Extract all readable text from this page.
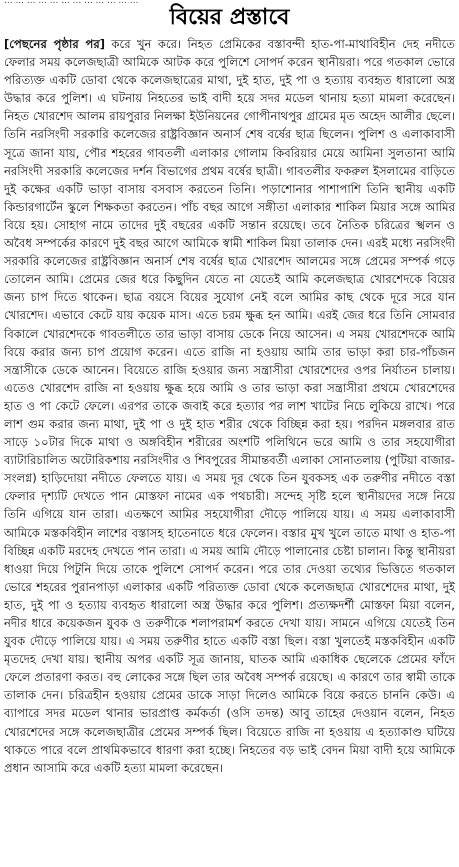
... ... ... ... ... ... ... ... ... ... ... ...
বিয়ের প্রস্তাবে

[পেছনের পৃষ্ঠার পর] করে খুন করে। নিহত প্রেমিকের বস্তাবন্দী হাত-পা-মাথাবিহীন দেহ নদীতে ফেলার সময় কলেজছাত্রী আমিকে আটক করে পুলিশে সোপর্দ করেন স্থানীয়রা। পরে গতকাল ভোরে পরিত্যক্ত একটি ডোবা থেকে কলেজছাত্রের মাথা, দুই হাত, দুই পা ও হত্যায় ব্যবহৃত ধারালো অস্ত্র উদ্ধার করে পুলিশ। এ ঘটনায় নিহতের ভাই বাদী হয়ে সদর মডেল থানায় হত্যা মামলা করেছেন। নিহত খোরশেদ আলম রায়পুরার নিলক্ষা ইউনিয়নের গোপীনাথপুর গ্রামের মৃত অহেদ আলীর ছেলে। তিনি নরসিংদী সরকারি কলেজের রাষ্ট্রবিজ্ঞান অনার্স শেষ বর্ষের ছাত্র ছিলেন। পুলিশ ও এলাকাবাসী সূত্রে জানা যায়, পৌর শহরের গাবতলী এলাকার গোলাম কিবরিয়ার মেয়ে আমিনা সুলতানা আমি নরসিংদী সরকারি কলেজের দর্শন বিভাগের প্রথম বর্ষের ছাত্রী। গাবতলীর ফকরুল ইসলামের বাড়িতে দুই কক্ষের একটি ভাড়া বাসায় বসবাস করতেন তিনি। পড়াশোনার পাশাপাশি তিনি স্থানীয় একটি কিন্ডারগার্টেন স্কুলে শিক্ষকতা করতেন। পাঁচ বছর আগে সঙ্গীতা এলাকার শাকিল মিয়ার সঙ্গে আমির বিয়ে হয়। সোহাগ নামে তাদের দুই বছরের একটি সন্তান রয়েছে। তবে নৈতিক চরিত্রের স্খলন ও অবৈধ সম্পর্কের কারণে দুই বছর আগে আমিকে স্বামী শাকিল মিয়া তালাক দেন। এরই মধ্যে নরসিংদী সরকারি কলেজের রাষ্ট্রবিজ্ঞান অনার্স শেষ বর্ষের ছাত্র খোরশেদ আলমের সঙ্গে প্রেমের সম্পর্ক গড়ে তোলেন আমি। প্রেমের জের ধরে কিছুদিন যেতে না যেতেই আমি কলেজছাত্র খোরশেদকে বিয়ের জন্য চাপ দিতে থাকেন। ছাত্র বয়সে বিয়ের সুযোগ নেই বলে আমির কাছ থেকে দূরে সরে যান খোরশেদ। এভাবে কেটে যায় কয়েক মাস। এতে চরম ক্ষুব্ধ হন আমি। এরই জের ধরে তিনি সোমবার বিকালে খোরশেদকে গাবতলীতে তার ভাড়া বাসায় ডেকে নিয়ে আসেন। এ সময় খোরশেদকে আমি বিয়ে করার জন্য চাপ প্রয়োগ করেন। এতে রাজি না হওয়ায় আমি তার ভাড়া করা চার-পাঁচজন সন্ত্রাসীকে ডেকে আনেন। বিয়েতে রাজি হওয়ার জন্য সন্ত্রাসীরা খোরশেদের ওপর নির্যাতন চালায়। এতেও খোরশেদ রাজি না হওয়ায় ক্ষুব্ধ হয়ে আমি ও তার ভাড়া করা সন্ত্রাসীরা প্রথমে খোরশেদের হাত ও পা কেটে ফেলে। এরপর তাকে জবাই করে হত্যার পর লাশ খাটের নিচে লুকিয়ে রাখে। পরে লাশ গুম করার জন্য মাথা, দুই পা ও দুই হাত শরীর থেকে বিচ্ছিন্ন করা হয়। পরদিন মঙ্গলবার রাত সাড়ে ১০টার দিকে মাথা ও অঙ্গবিহীন শরীরের অংশটি পলিথিনে ভরে আমি ও তার সহযোগীরা ব্যাটারিচালিত অটোরিকশায় নরসিংদীর ও শিবপুরের সীমান্তবর্তী এলাকা সোনাতলায় (পুটিয়া বাজার-সংলগ্ন) হাড়িদোয়া নদীতে ফেলতে যায়। এ সময় দূর থেকে তিন যুবকসহ এক তরুণীর নদীতে বস্তা ফেলার দৃশ্যটি দেখতে পান মোস্তফা নামের এক পথচারী। সন্দেহ সৃষ্টি হলে স্থানীয়দের সঙ্গে নিয়ে তিনি এগিয়ে যান তারা। এতক্ষণে আমির সহযোগীরা দৌড়ে পালিয়ে যায়। এ সময় এলাকাবাসী আমিকে মস্তকবিহীন লাশের বস্তাসহ হাতেনাতে ধরে ফেলেন। বস্তার মুখ খুলে তাতে মাথা ও হাত-পা বিচ্ছিন্ন একটি মরদেহ দেখতে পান তারা। এ সময় আমি দৌড়ে পালানোর চেষ্টা চালান। কিন্তু স্থানীয়রা ধাওয়া দিয়ে পিটুনি দিয়ে তাকে পুলিশে সোপর্দ করেন। পরে তার দেওয়া তথ্যের ভিত্তিতে গতকাল ভোরে শহরের পুরানপাড়া এলাকার একটি পরিত্যক্ত ডোবা থেকে কলেজছাত্র খোরশেদের মাথা, দুই হাত, দুই পা ও হত্যায় ব্যবহৃত ধারালো অস্ত্র উদ্ধার করে পুলিশ। প্রত্যক্ষদর্শী মোস্তফা মিয়া বলেন, নদীর ধারে কয়েকজন যুবক ও তরুণীকে শলাপরামর্শ করতে দেখা যায়। সামনে এগিয়ে যেতেই তিন যুবক দৌড়ে পালিয়ে যায়। এ সময় তরুণীর হাতে একটি বস্তা ছিল। বস্তা খুলতেই মস্তকবিহীন একটি মৃতদেহ দেখা যায়। স্থানীয় অপর একটি সূত্র জানায়, ঘাতক আমি একাধিক ছেলেকে প্রেমের ফাঁদে ফেলে প্রতারণা করত। বহু লোকের সঙ্গে ছিল তার অবৈধ সম্পর্ক রয়েছে। এ কারণে তার স্বামী তাকে তালাক দেন। চরিত্রহীন হওয়ায় প্রেমের ডাকে সাড়া দিলেও আমিকে বিয়ে করতে চাননি কেউ। এ ব্যাপারে সদর মডেল থানার ভারপ্রাপ্ত কর্মকর্তা (ওসি তদন্ত) আবু তাহের দেওয়ান বলেন, নিহত খোরশেদের সঙ্গে কলেজছাত্রীর প্রেমের সম্পর্ক ছিল। বিয়েতে রাজি না হওয়ায় এ হত্যাকাণ্ড ঘটিয়ে থাকতে পারে বলে প্রাথমিকভাবে ধারণা করা হচ্ছে। নিহতের বড় ভাই বেদন মিয়া বাদী হয়ে আমিকে প্রধান আসামি করে একটি হত্যা মামলা করেছেন।
